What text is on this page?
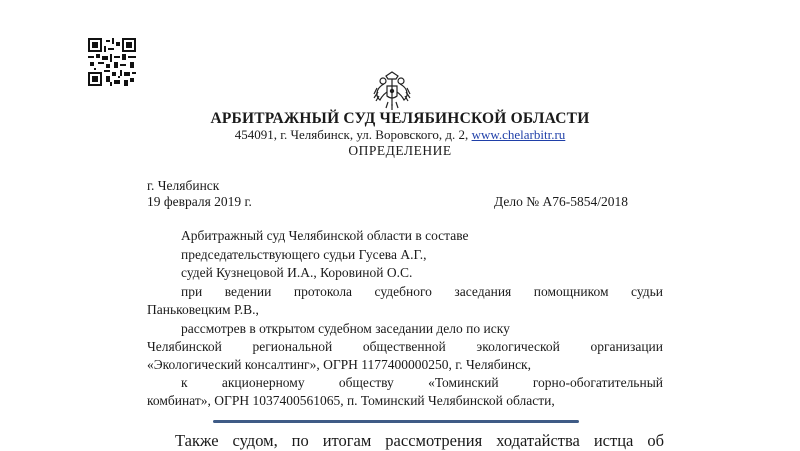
АРБИТРАЖНЫЙ СУД ЧЕЛЯБИНСКОЙ ОБЛАСТИ
454091, г. Челябинск, ул. Воровского, д. 2, www.chelarbitr.ru
ОПРЕДЕЛЕНИЕ
г. Челябинск
19 февраля 2019 г.	Дело № А76-5854/2018
Арбитражный суд Челябинской области в составе
председательствующего судьи Гусева А.Г.,
судей Кузнецовой И.А., Коровиной О.С.
при ведении протокола судебного заседания помощником судьи
Паньковецким Р.В.,
рассмотрев в открытом судебном заседании дело по иску
Челябинской региональной общественной экологической организации
«Экологический консалтинг», ОГРН 1177400000250, г. Челябинск,
к акционерному обществу «Томинский горно-обогатительный
комбинат», ОГРН 1037400561065, п. Томинский Челябинской области,
Также судом, по итогам рассмотрения ходатайства истца об
